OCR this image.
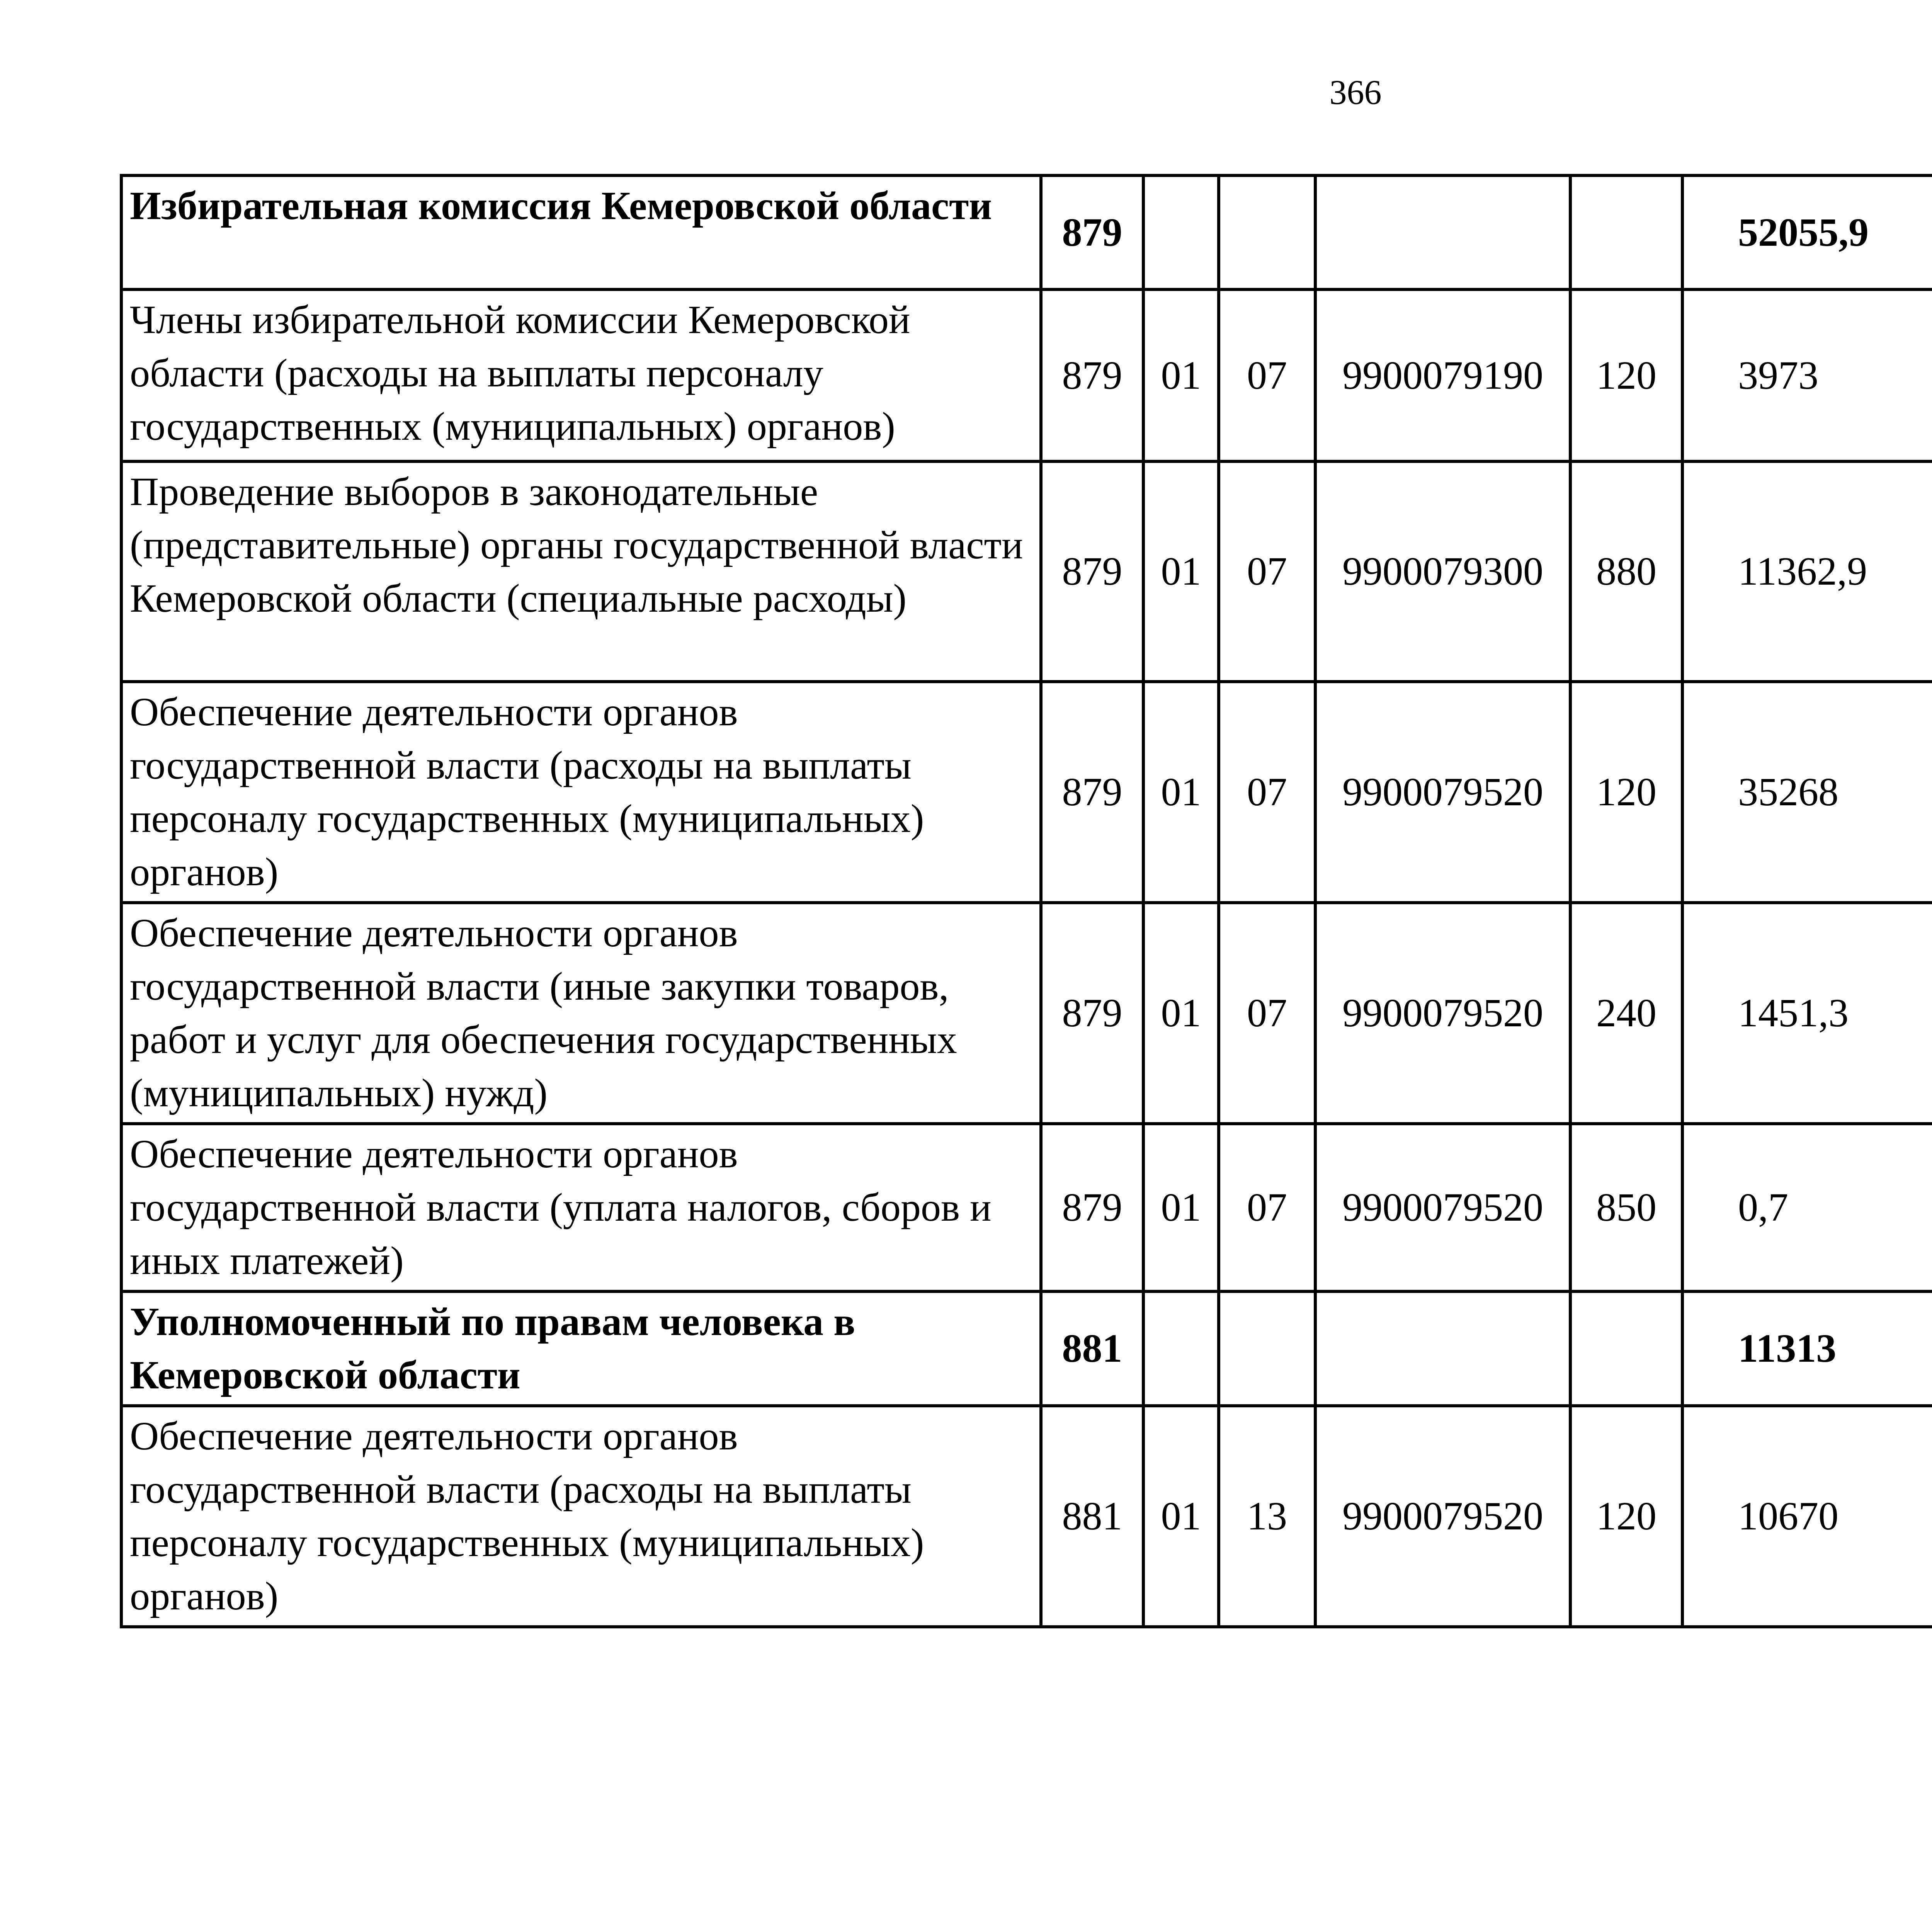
366
Избирательная комиссия Кемеровской области	879					52055,9		
Члены избирательной комиссии Кемеровской области (расходы на выплаты персоналу государственных (муниципальных) органов)	879	01	07	9900079190	120	3973		
Проведение выборов в законодательные (представительные) органы государственной власти Кемеровской области (специальные расходы)	879	01	07	9900079300	880	11362,9		
Обеспечение деятельности органов государственной власти (расходы на выплаты персоналу государственных (муниципальных) органов)	879	01	07	9900079520	120	35268		
Обеспечение деятельности органов государственной власти (иные закупки товаров, работ и услуг для обеспечения государственных (муниципальных) нужд)	879	01	07	9900079520	240	1451,3		
Обеспечение деятельности органов государственной власти (уплата налогов, сборов и иных платежей)	879	01	07	9900079520	850	0,7		
Уполномоченный по правам человека в Кемеровской области	881					11313		
Обеспечение деятельности органов государственной власти (расходы на выплаты персоналу государственных (муниципальных) органов)	881	01	13	9900079520	120	10670		
